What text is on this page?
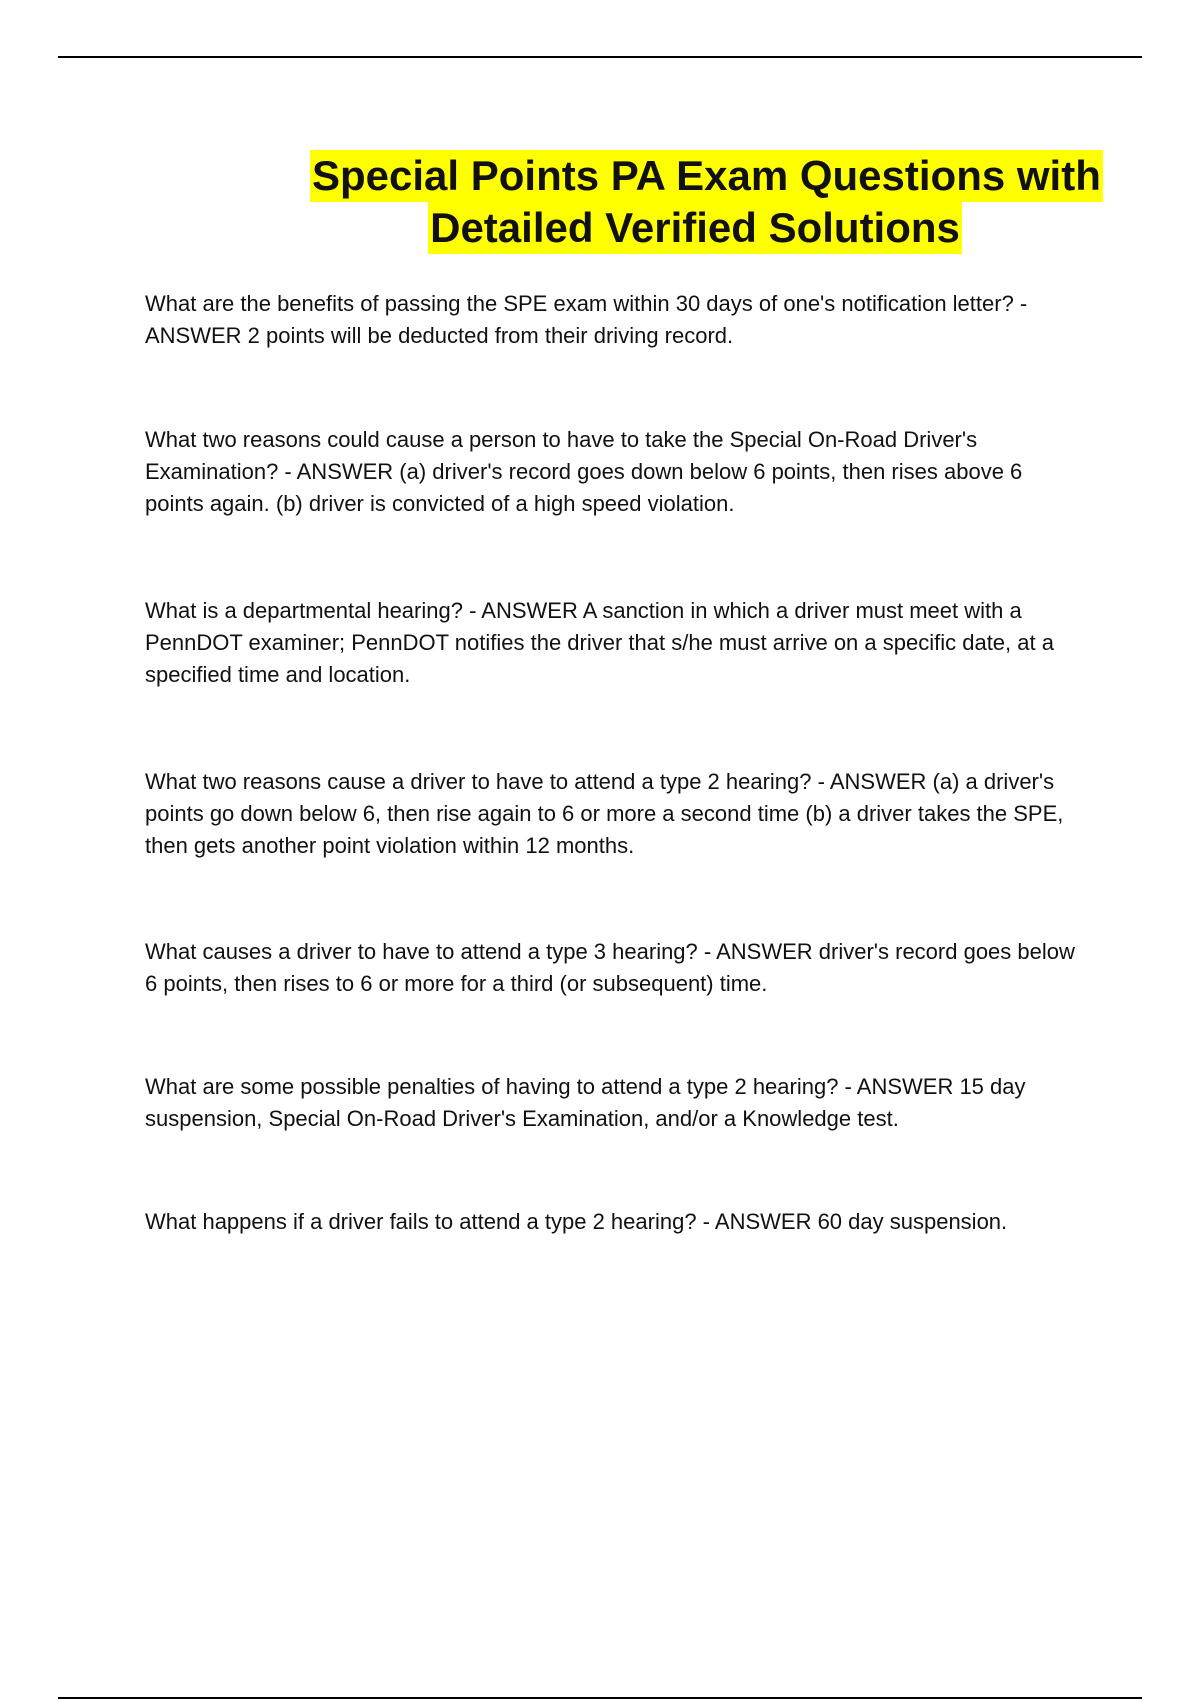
Special Points PA Exam Questions with
Detailed Verified Solutions

What are the benefits of passing the SPE exam within 30 days of one's notification letter? - ANSWER 2 points will be deducted from their driving record.

What two reasons could cause a person to have to take the Special On-Road Driver's Examination? - ANSWER (a) driver's record goes down below 6 points, then rises above 6 points again. (b) driver is convicted of a high speed violation.

What is a departmental hearing? - ANSWER A sanction in which a driver must meet with a PennDOT examiner; PennDOT notifies the driver that s/he must arrive on a specific date, at a specified time and location.

What two reasons cause a driver to have to attend a type 2 hearing? - ANSWER (a) a driver's points go down below 6, then rise again to 6 or more a second time (b) a driver takes the SPE, then gets another point violation within 12 months.

What causes a driver to have to attend a type 3 hearing? - ANSWER driver's record goes below 6 points, then rises to 6 or more for a third (or subsequent) time.

What are some possible penalties of having to attend a type 2 hearing? - ANSWER 15 day suspension, Special On-Road Driver's Examination, and/or a Knowledge test.

What happens if a driver fails to attend a type 2 hearing? - ANSWER 60 day suspension.
